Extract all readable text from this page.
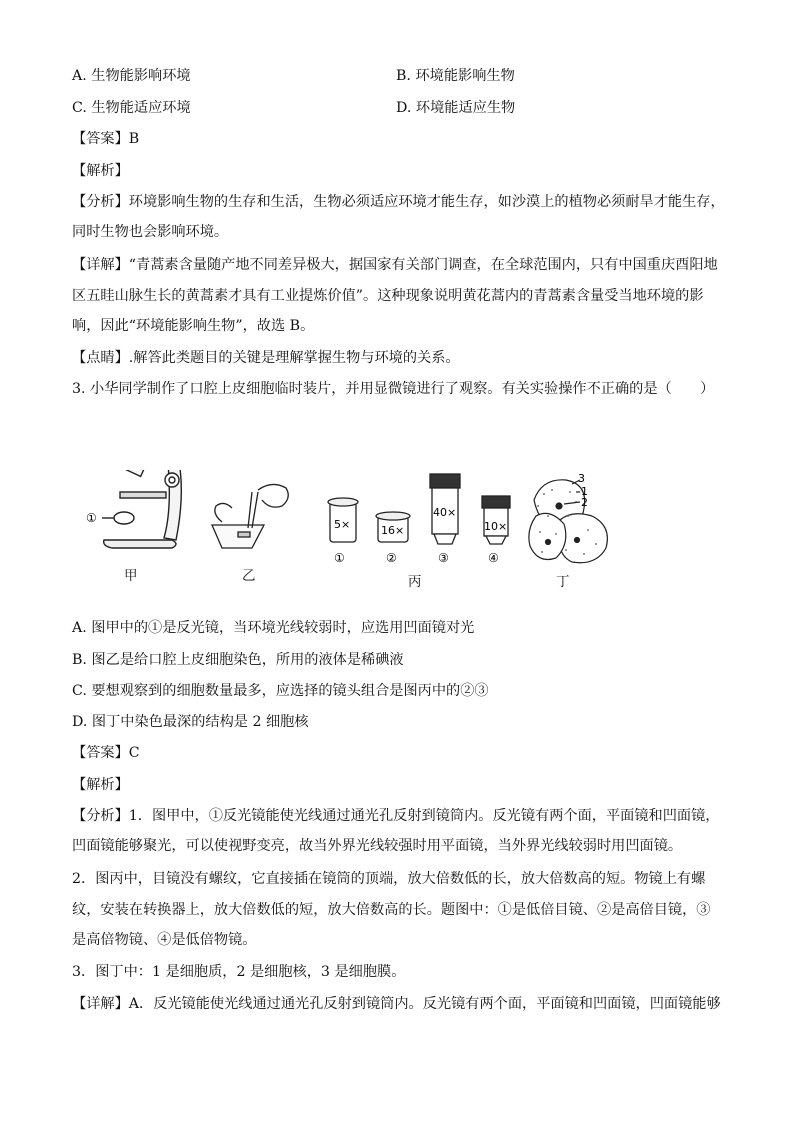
A. 生物能影响环境	B. 环境能影响生物
C. 生物能适应环境	D. 环境能适应生物
【答案】B
【解析】
【分析】环境影响生物的生存和生活，生物必须适应环境才能生存，如沙漠上的植物必须耐旱才能生存，
同时生物也会影响环境。
【详解】“青蒿素含量随产地不同差异极大，据国家有关部门调查，在全球范围内，只有中国重庆酉阳地
区五眭山脉生长的黄蒿素才具有工业提炼价值”。这种现象说明黄花蒿内的青蒿素含量受当地环境的影
响，因此“环境能影响生物”，故选 B。
【点睛】.解答此类题目的关键是理解掌握生物与环境的关系。
3. 小华同学制作了口腔上皮细胞临时装片，并用显微镜进行了观察。有关实验操作不正确的是（　　）
①	5×	16×
40×
10×
①	②	③	④
3
1
2
甲	乙	丙	丁
A. 图甲中的①是反光镜，当环境光线较弱时，应选用凹面镜对光
B. 图乙是给口腔上皮细胞染色，所用的液体是稀碘液
C. 要想观察到的细胞数量最多，应选择的镜头组合是图丙中的②③
D. 图丁中染色最深的结构是 2 细胞核
【答案】C
【解析】
【分析】1．图甲中，①反光镜能使光线通过通光孔反射到镜筒内。反光镜有两个面，平面镜和凹面镜，
凹面镜能够聚光，可以使视野变亮，故当外界光线较强时用平面镜，当外界光线较弱时用凹面镜。
2．图丙中，目镜没有螺纹，它直接插在镜筒的顶端，放大倍数低的长，放大倍数高的短。物镜上有螺
纹，安装在转换器上，放大倍数低的短，放大倍数高的长。题图中：①是低倍目镜、②是高倍目镜，③
是高倍物镜、④是低倍物镜。
3．图丁中：1 是细胞质，2 是细胞核，3 是细胞膜。
【详解】A．反光镜能使光线通过通光孔反射到镜筒内。反光镜有两个面，平面镜和凹面镜，凹面镜能够
